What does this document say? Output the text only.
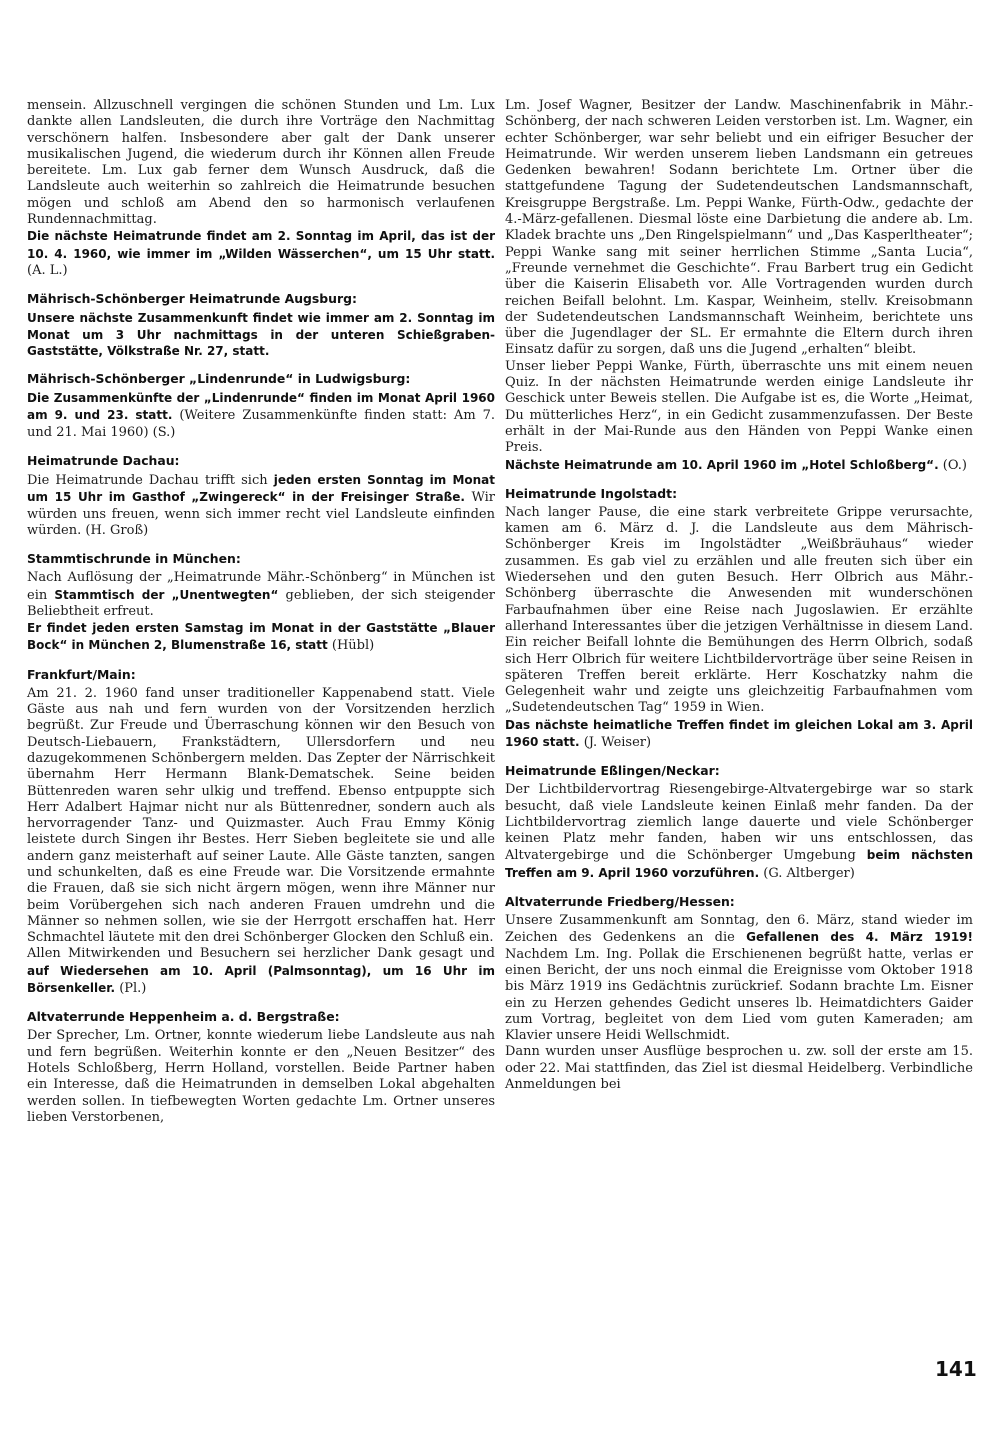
mensein. Allzuschnell vergingen die schönen Stunden und Lm. Lux dankte allen Landsleuten, die durch ihre Vorträge den Nachmittag verschönern halfen. Insbesondere aber galt der Dank unserer musikalischen Jugend, die wiederum durch ihr Können allen Freude bereitete. Lm. Lux gab ferner dem Wunsch Ausdruck, daß die Landsleute auch weiterhin so zahlreich die Heimatrunde besuchen mögen und schloß am Abend den so harmonisch verlaufenen Rundennachmittag.

Die nächste Heimatrunde findet am 2. Sonntag im April, das ist der 10. 4. 1960, wie immer im „Wilden Wässerchen“, um 15 Uhr statt. (A. L.)

Mährisch-Schönberger Heimatrunde Augsburg:

Unsere nächste Zusammenkunft findet wie immer am 2. Sonntag im Monat um 3 Uhr nachmittags in der unteren Schießgraben-Gaststätte, Völkstraße Nr. 27, statt.

Mährisch-Schönberger „Lindenrunde“ in Ludwigsburg:

Die Zusammenkünfte der „Lindenrunde“ finden im Monat April 1960 am 9. und 23. statt. (Weitere Zusammenkünfte finden statt: Am 7. und 21. Mai 1960) (S.)

Heimatrunde Dachau:

Die Heimatrunde Dachau trifft sich jeden ersten Sonntag im Monat um 15 Uhr im Gasthof „Zwingereck“ in der Freisinger Straße. Wir würden uns freuen, wenn sich immer recht viel Landsleute einfinden würden. (H. Groß)

Stammtischrunde in München:

Nach Auflösung der „Heimatrunde Mähr.-Schönberg“ in München ist ein Stammtisch der „Unentwegten“ geblieben, der sich steigender Beliebtheit erfreut.

Er findet jeden ersten Samstag im Monat in der Gaststätte „Blauer Bock“ in München 2, Blumenstraße 16, statt (Hübl)

Frankfurt/Main:

Am 21. 2. 1960 fand unser traditioneller Kappenabend statt. Viele Gäste aus nah und fern wurden von der Vorsitzenden herzlich begrüßt. Zur Freude und Überraschung können wir den Besuch von Deutsch-Liebauern, Frankstädtern, Ullersdorfern und neu dazugekommenen Schönbergern melden. Das Zepter der Närrischkeit übernahm Herr Hermann Blank-Dematschek. Seine beiden Büttenreden waren sehr ulkig und treffend. Ebenso entpuppte sich Herr Adalbert Hajmar nicht nur als Büttenredner, sondern auch als hervorragender Tanz- und Quizmaster. Auch Frau Emmy König leistete durch Singen ihr Bestes. Herr Sieben begleitete sie und alle andern ganz meisterhaft auf seiner Laute. Alle Gäste tanzten, sangen und schunkelten, daß es eine Freude war. Die Vorsitzende ermahnte die Frauen, daß sie sich nicht ärgern mögen, wenn ihre Männer nur beim Vorübergehen sich nach anderen Frauen umdrehn und die Männer so nehmen sollen, wie sie der Herrgott erschaffen hat. Herr Schmachtel läutete mit den drei Schönberger Glocken den Schluß ein.

Allen Mitwirkenden und Besuchern sei herzlicher Dank gesagt und auf Wiedersehen am 10. April (Palmsonntag), um 16 Uhr im Börsenkeller. (Pl.)

Altvaterrunde Heppenheim a. d. Bergstraße:

Der Sprecher, Lm. Ortner, konnte wiederum liebe Landsleute aus nah und fern begrüßen. Weiterhin konnte er den „Neuen Besitzer“ des Hotels Schloßberg, Herrn Holland, vorstellen. Beide Partner haben ein Interesse, daß die Heimatrunden in demselben Lokal abgehalten werden sollen. In tiefbewegten Worten gedachte Lm. Ortner unseres lieben Verstorbenen,

Lm. Josef Wagner, Besitzer der Landw. Maschinenfabrik in Mähr.-Schönberg, der nach schweren Leiden verstorben ist. Lm. Wagner, ein echter Schönberger, war sehr beliebt und ein eifriger Besucher der Heimatrunde. Wir werden unserem lieben Landsmann ein getreues Gedenken bewahren! Sodann berichtete Lm. Ortner über die stattgefundene Tagung der Sudetendeutschen Landsmannschaft, Kreisgruppe Bergstraße. Lm. Peppi Wanke, Fürth-Odw., gedachte der 4.-März-gefallenen. Diesmal löste eine Darbietung die andere ab. Lm. Kladek brachte uns „Den Ringelspielmann“ und „Das Kasperltheater“; Peppi Wanke sang mit seiner herrlichen Stimme „Santa Lucia“, „Freunde vernehmet die Geschichte“. Frau Barbert trug ein Gedicht über die Kaiserin Elisabeth vor. Alle Vortragenden wurden durch reichen Beifall belohnt. Lm. Kaspar, Weinheim, stellv. Kreisobmann der Sudetendeutschen Landsmannschaft Weinheim, berichtete uns über die Jugendlager der SL. Er ermahnte die Eltern durch ihren Einsatz dafür zu sorgen, daß uns die Jugend „erhalten“ bleibt.

Unser lieber Peppi Wanke, Fürth, überraschte uns mit einem neuen Quiz. In der nächsten Heimatrunde werden einige Landsleute ihr Geschick unter Beweis stellen. Die Aufgabe ist es, die Worte „Heimat, Du mütterliches Herz“, in ein Gedicht zusammenzufassen. Der Beste erhält in der Mai-Runde aus den Händen von Peppi Wanke einen Preis.

Nächste Heimatrunde am 10. April 1960 im „Hotel Schloßberg“. (O.)

Heimatrunde Ingolstadt:

Nach langer Pause, die eine stark verbreitete Grippe verursachte, kamen am 6. März d. J. die Landsleute aus dem Mährisch-Schönberger Kreis im Ingolstädter „Weißbräuhaus“ wieder zusammen. Es gab viel zu erzählen und alle freuten sich über ein Wiedersehen und den guten Besuch. Herr Olbrich aus Mähr.-Schönberg überraschte die Anwesenden mit wunderschönen Farbaufnahmen über eine Reise nach Jugoslawien. Er erzählte allerhand Interessantes über die jetzigen Verhältnisse in diesem Land. Ein reicher Beifall lohnte die Bemühungen des Herrn Olbrich, sodaß sich Herr Olbrich für weitere Lichtbildervorträge über seine Reisen in späteren Treffen bereit erklärte. Herr Koschatzky nahm die Gelegenheit wahr und zeigte uns gleichzeitig Farbaufnahmen vom „Sudetendeutschen Tag“ 1959 in Wien.

Das nächste heimatliche Treffen findet im gleichen Lokal am 3. April 1960 statt. (J. Weiser)

Heimatrunde Eßlingen/Neckar:

Der Lichtbildervortrag Riesengebirge-Altvatergebirge war so stark besucht, daß viele Landsleute keinen Einlaß mehr fanden. Da der Lichtbildervortrag ziemlich lange dauerte und viele Schönberger keinen Platz mehr fanden, haben wir uns entschlossen, das Altvatergebirge und die Schönberger Umgebung beim nächsten Treffen am 9. April 1960 vorzuführen. (G. Altberger)

Altvaterrunde Friedberg/Hessen:

Unsere Zusammenkunft am Sonntag, den 6. März, stand wieder im Zeichen des Gedenkens an die Gefallenen des 4. März 1919! Nachdem Lm. Ing. Pollak die Erschienenen begrüßt hatte, verlas er einen Bericht, der uns noch einmal die Ereignisse vom Oktober 1918 bis März 1919 ins Gedächtnis zurückrief. Sodann brachte Lm. Eisner ein zu Herzen gehendes Gedicht unseres lb. Heimatdichters Gaider zum Vortrag, begleitet von dem Lied vom guten Kameraden; am Klavier unsere Heidi Wellschmidt.

Dann wurden unser Ausflüge besprochen u. zw. soll der erste am 15. oder 22. Mai stattfinden, das Ziel ist diesmal Heidelberg. Verbindliche Anmeldungen bei

141
